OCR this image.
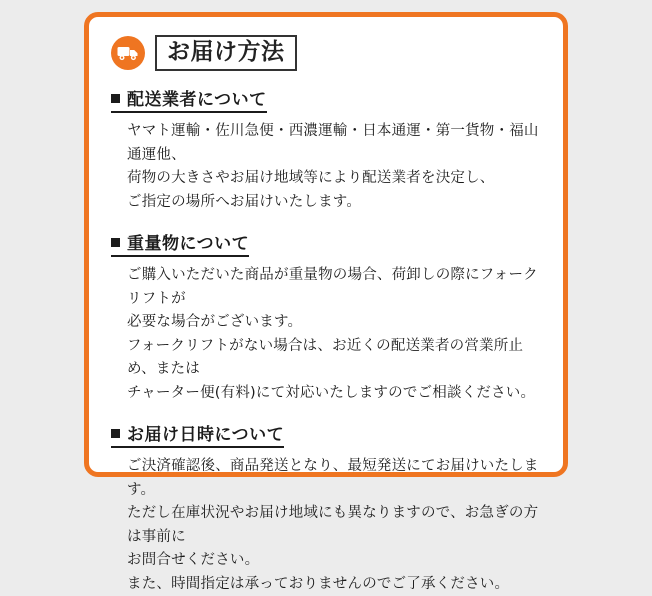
お届け方法
配送業者について

ヤマト運輸・佐川急便・西濃運輸・日本通運・第一貨物・福山通運他、

荷物の大きさやお届け地域等により配送業者を決定し、

ご指定の場所へお届けいたします。

重量物について

ご購入いただいた商品が重量物の場合、荷卸しの際にフォークリフトが

必要な場合がございます。

フォークリフトがない場合は、お近くの配送業者の営業所止め、または

チャーター便(有料)にて対応いたしますのでご相談ください。

お届け日時について

ご決済確認後、商品発送となり、最短発送にてお届けいたします。

ただし在庫状況やお届け地域にも異なりますので、お急ぎの方は事前に

お問合せください。

また、時間指定は承っておりませんのでご了承ください。
